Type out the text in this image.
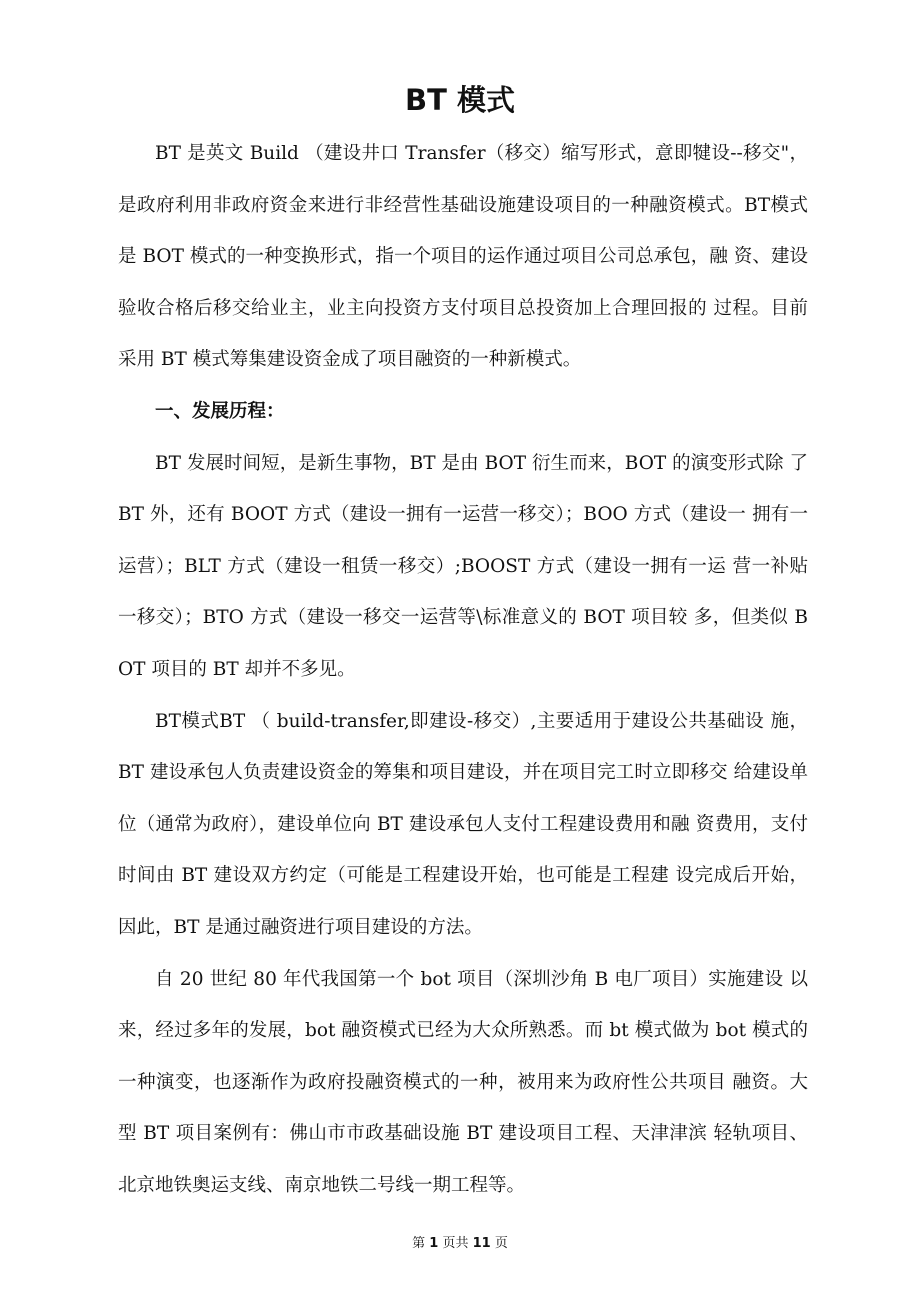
BT 模式

BT 是英文 Build （建设井口 Transfer（移交）缩写形式，意即犍设--移交"，是政府利用非政府资金来进行非经营性基础设施建设项目的一种融资模式。BT模式是 BOT 模式的一种变换形式，指一个项目的运作通过项目公司总承包，融 资、建设验收合格后移交给业主，业主向投资方支付项目总投资加上合理回报的 过程。目前采用 BT 模式筹集建设资金成了项目融资的一种新模式。

一、发展历程：

BT 发展时间短，是新生事物，BT 是由 BOT 衍生而来，BOT 的演变形式除 了 BT 外，还有 BOOT 方式（建设一拥有一运营一移交）；BOO 方式（建设一 拥有一运营）；BLT 方式（建设一租赁一移交）;BOOST 方式（建设一拥有一运 营一补贴一移交）；BTO 方式（建设一移交一运营等\标准意义的 BOT 项目较 多，但类似 BOT 项目的 BT 却并不多见。

BT模式BT （ build-transfer,即建设-移交）,主要适用于建设公共基础设 施，BT 建设承包人负责建设资金的筹集和项目建设，并在项目完工时立即移交 给建设单位（通常为政府），建设单位向 BT 建设承包人支付工程建设费用和融 资费用，支付时间由 BT 建设双方约定（可能是工程建设开始，也可能是工程建 设完成后开始，因此，BT 是通过融资进行项目建设的方法。

自 20 世纪 80 年代我国第一个 bot 项目（深圳沙角 B 电厂项目）实施建设 以来，经过多年的发展，bot 融资模式已经为大众所熟悉。而 bt 模式做为 bot 模式的一种演变，也逐渐作为政府投融资模式的一种，被用来为政府性公共项目 融资。大型 BT 项目案例有：佛山市市政基础设施 BT 建设项目工程、天津津滨 轻轨项目、北京地铁奥运支线、南京地铁二号线一期工程等。

第 1 页共 11 页
